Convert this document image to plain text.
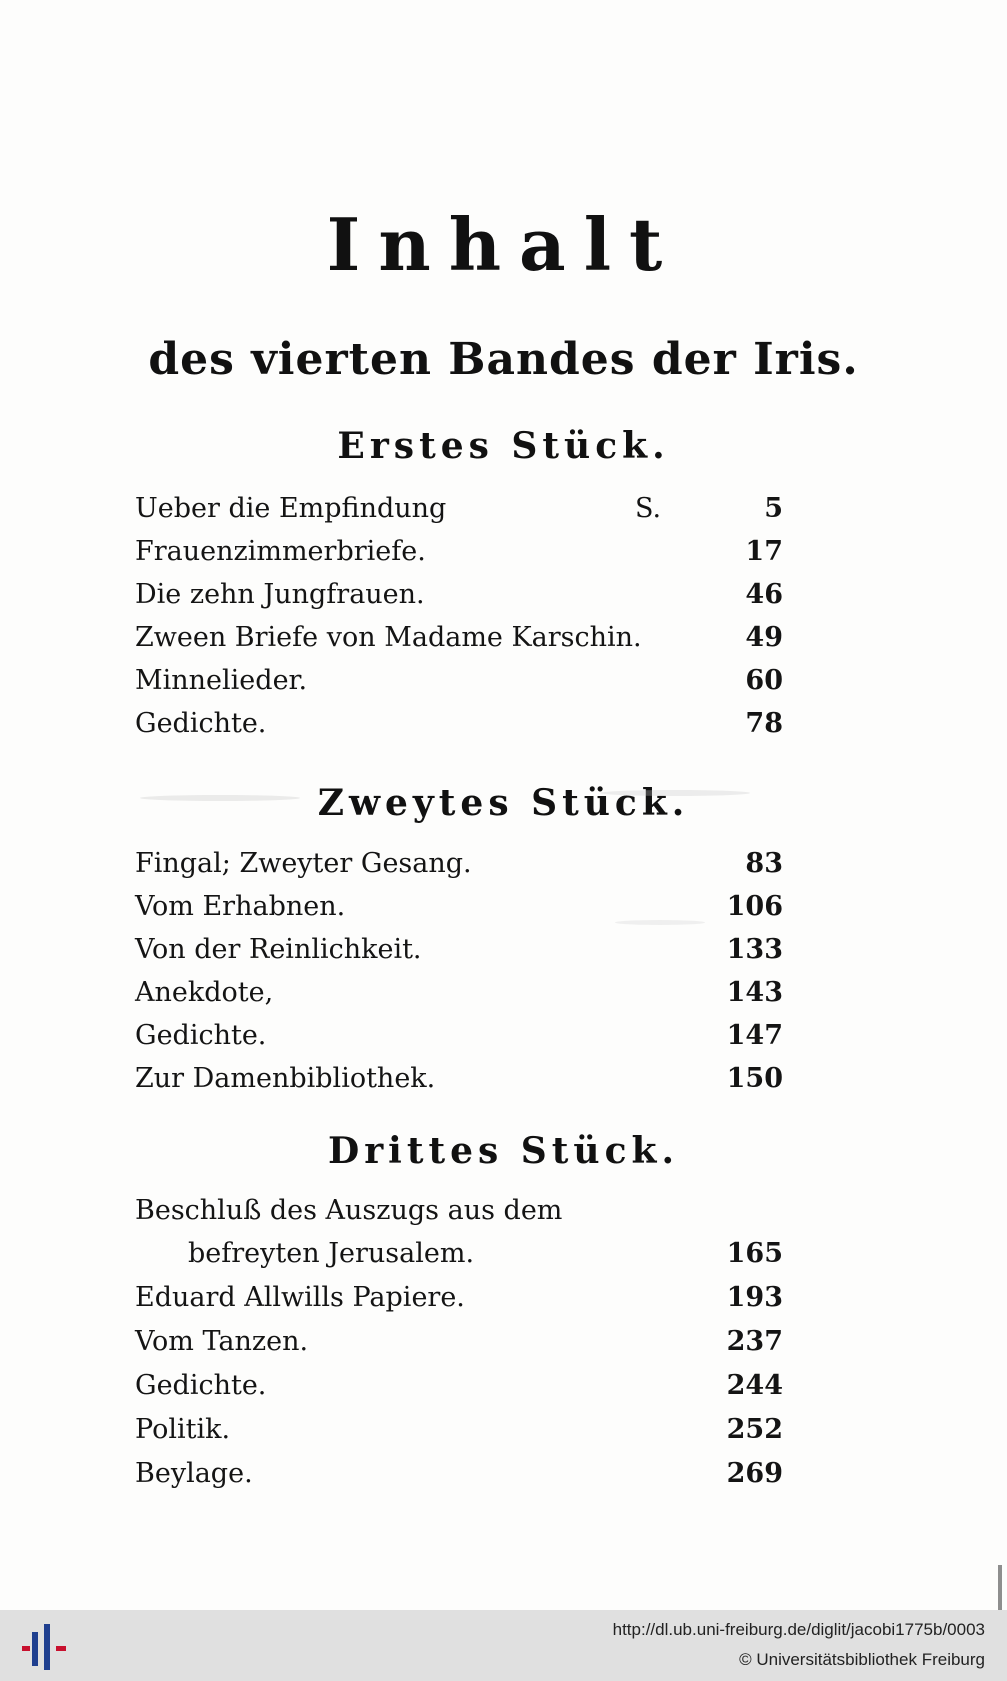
Inhalt
des vierten Bandes der Iris.
Erstes Stück.
Ueber die Empfindung	S.	5
Frauenzimmerbriefe.	17
Die zehn Jungfrauen.	46
Zween Briefe von Madame Karschin.	49
Minnelieder.	60
Gedichte.	78
Zweytes Stück.
Fingal; Zweyter Gesang.	83
Vom Erhabnen.	106
Von der Reinlichkeit.	133
Anekdote,	143
Gedichte.	147
Zur Damenbibliothek.	150
Drittes Stück.
Beschluß des Auszugs aus dem
befreyten Jerusalem.	165
Eduard Allwills Papiere.	193
Vom Tanzen.	237
Gedichte.	244
Politik.	252
Beylage.	269
http://dl.ub.uni-freiburg.de/diglit/jacobi1775b/0003
© Universitätsbibliothek Freiburg
